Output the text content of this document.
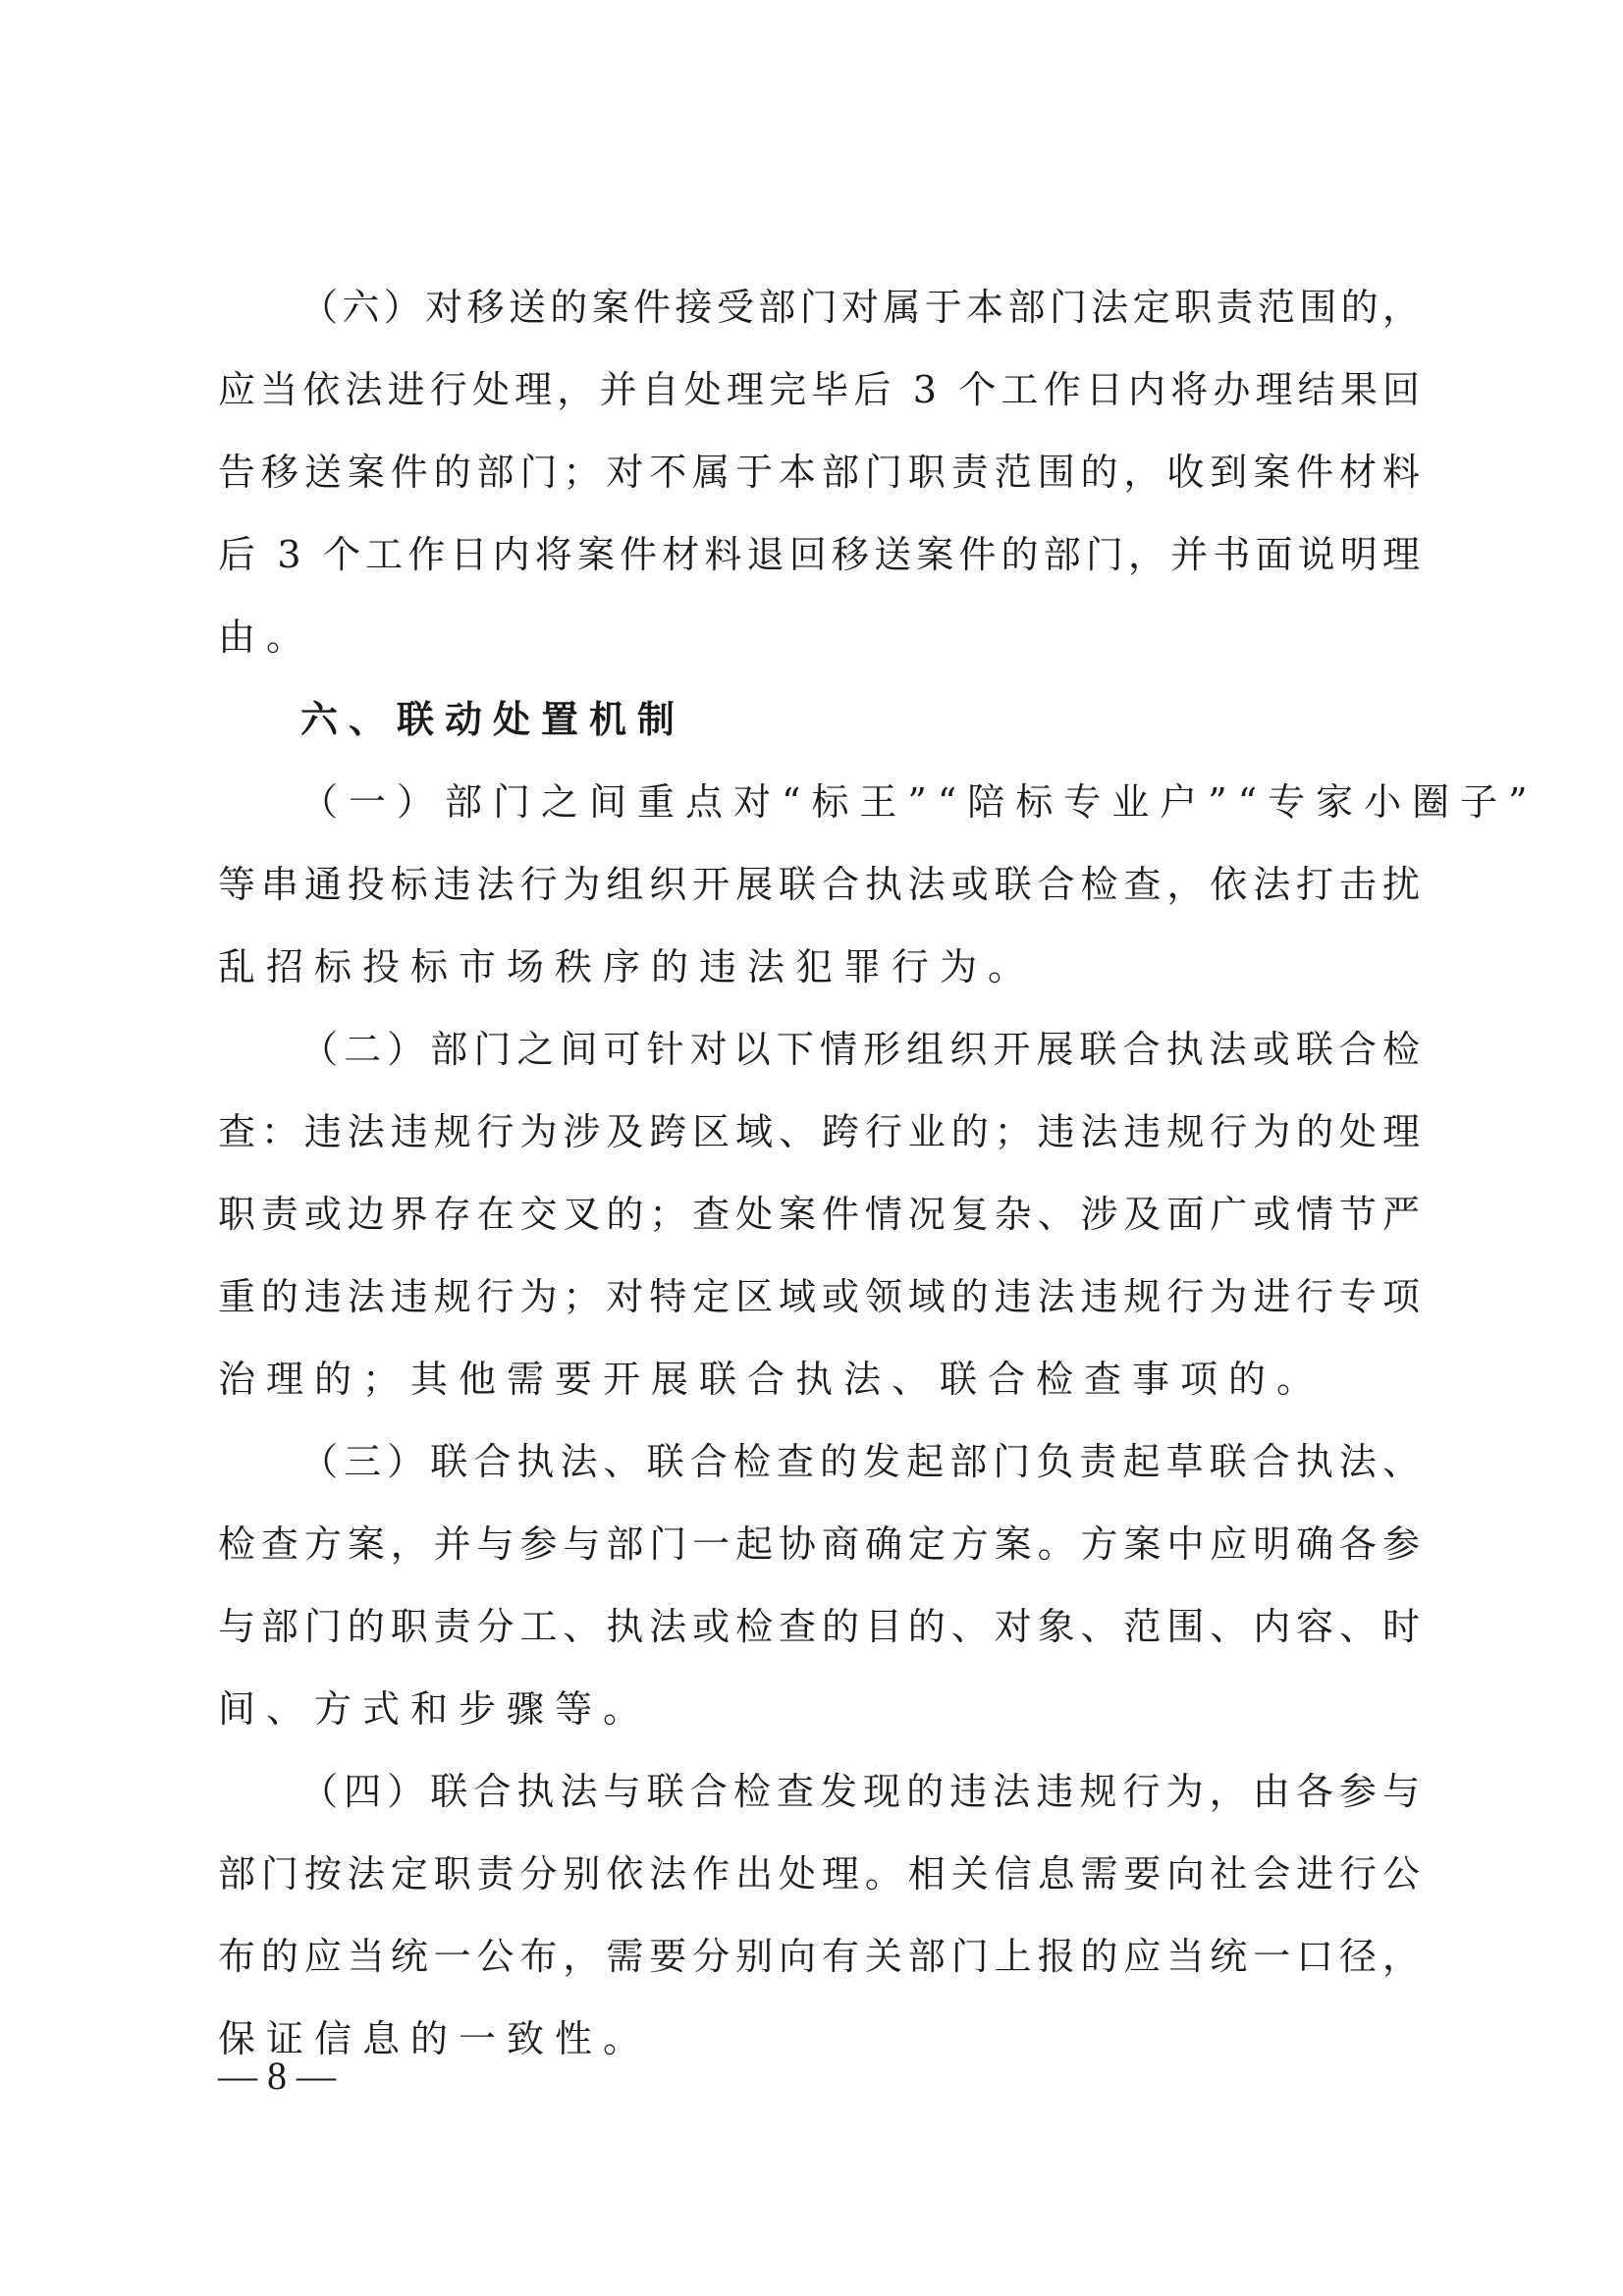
（六）对移送的案件接受部门对属于本部门法定职责范围的，
应当依法进行处理，并自处理完毕后 3 个工作日内将办理结果回
告移送案件的部门；对不属于本部门职责范围的，收到案件材料
后 3 个工作日内将案件材料退回移送案件的部门，并书面说明理
由。
六、联动处置机制
（一）部门之间重点对“标王”“陪标专业户”“专家小圈子”
等串通投标违法行为组织开展联合执法或联合检查，依法打击扰
乱招标投标市场秩序的违法犯罪行为。
（二）部门之间可针对以下情形组织开展联合执法或联合检
查：违法违规行为涉及跨区域、跨行业的；违法违规行为的处理
职责或边界存在交叉的；查处案件情况复杂、涉及面广或情节严
重的违法违规行为；对特定区域或领域的违法违规行为进行专项
治理的；其他需要开展联合执法、联合检查事项的。
（三）联合执法、联合检查的发起部门负责起草联合执法、
检查方案，并与参与部门一起协商确定方案。方案中应明确各参
与部门的职责分工、执法或检查的目的、对象、范围、内容、时
间、方式和步骤等。
（四）联合执法与联合检查发现的违法违规行为，由各参与
部门按法定职责分别依法作出处理。相关信息需要向社会进行公
布的应当统一公布，需要分别向有关部门上报的应当统一口径，
保证信息的一致性。
— 8 —
